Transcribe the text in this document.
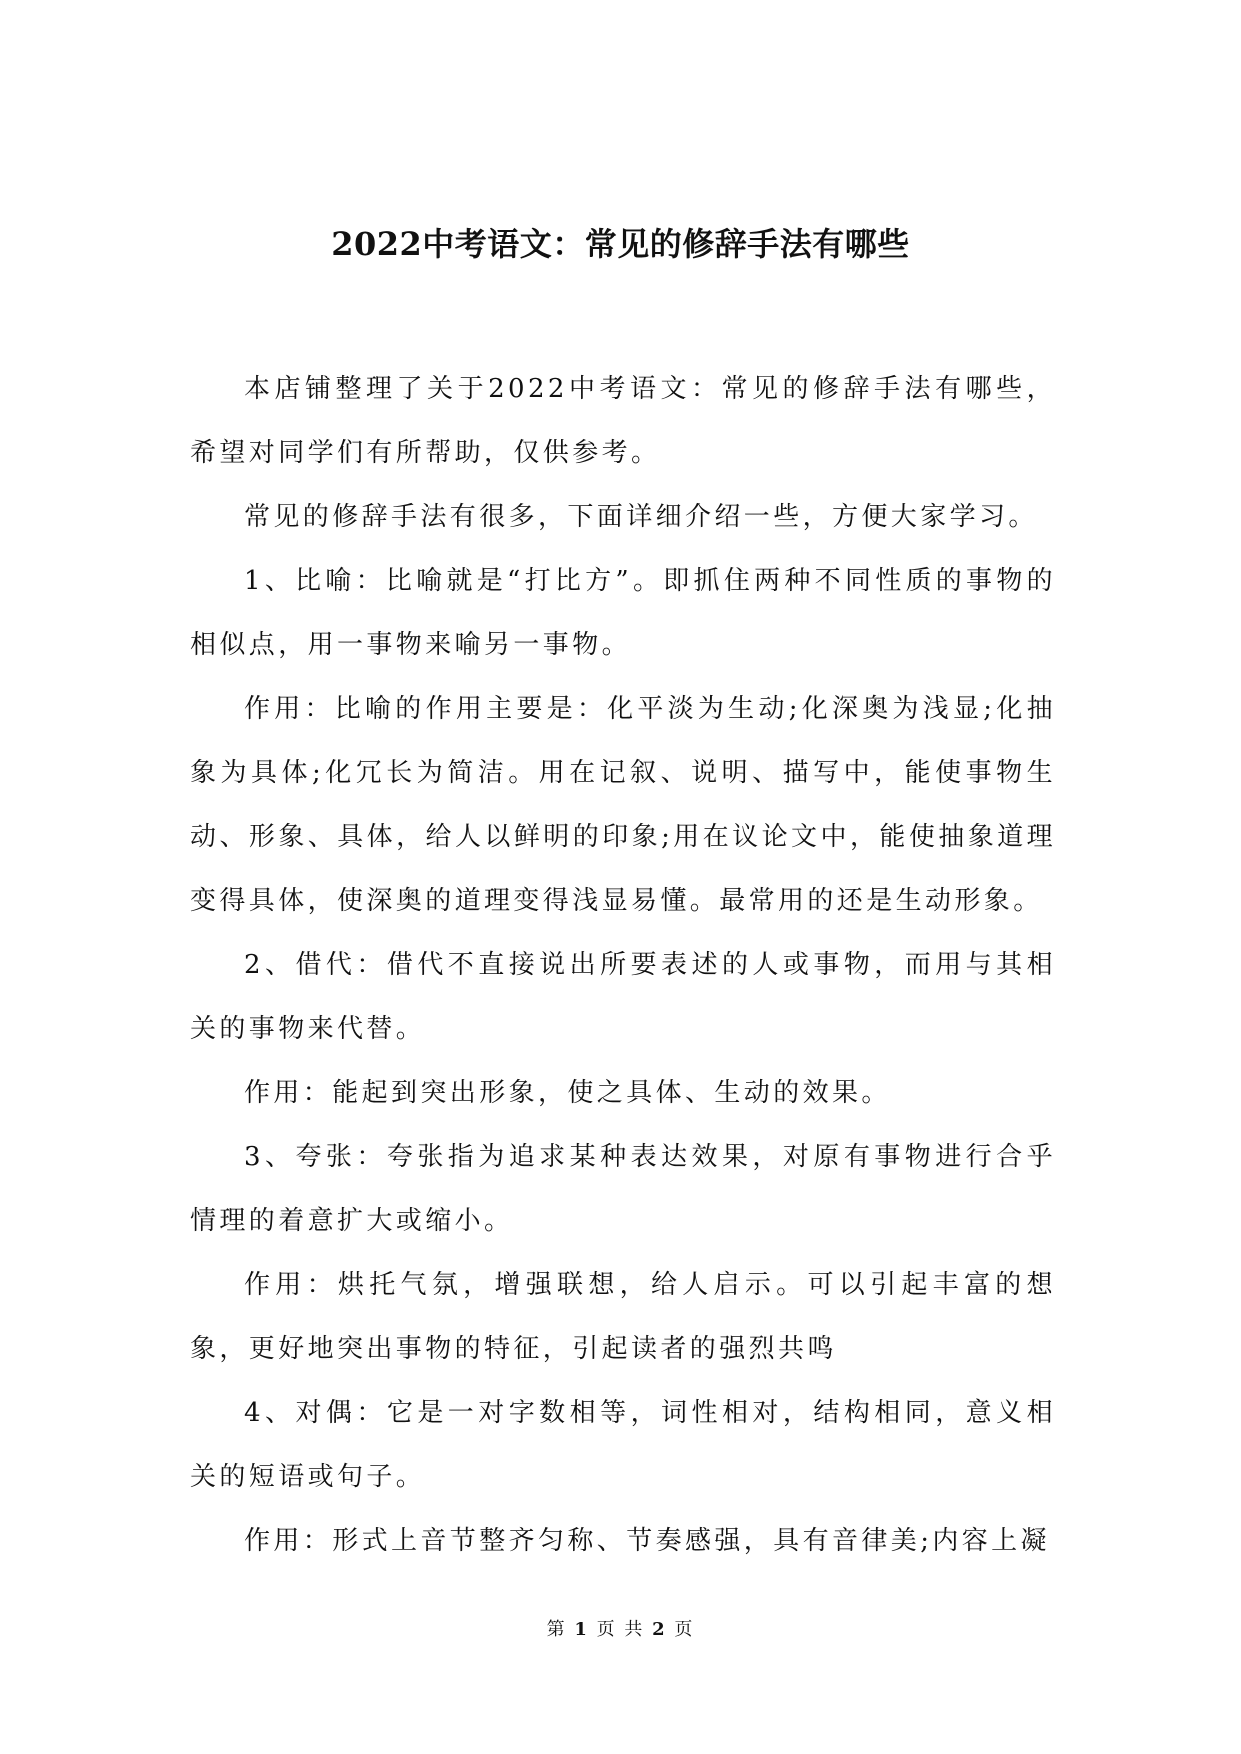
2022中考语文：常见的修辞手法有哪些

本店铺整理了关于2022中考语文：常见的修辞手法有哪些，希望对同学们有所帮助，仅供参考。

常见的修辞手法有很多，下面详细介绍一些，方便大家学习。

1、比喻：比喻就是“打比方”。即抓住两种不同性质的事物的相似点，用一事物来喻另一事物。

作用：比喻的作用主要是：化平淡为生动;化深奥为浅显;化抽象为具体;化冗长为简洁。用在记叙、说明、描写中，能使事物生动、形象、具体，给人以鲜明的印象;用在议论文中，能使抽象道理变得具体，使深奥的道理变得浅显易懂。最常用的还是生动形象。

2、借代：借代不直接说出所要表述的人或事物，而用与其相关的事物来代替。

作用：能起到突出形象，使之具体、生动的效果。

3、夸张：夸张指为追求某种表达效果，对原有事物进行合乎情理的着意扩大或缩小。

作用：烘托气氛，增强联想，给人启示。可以引起丰富的想象，更好地突出事物的特征，引起读者的强烈共鸣

4、对偶：它是一对字数相等，词性相对，结构相同，意义相关的短语或句子。

作用：形式上音节整齐匀称、节奏感强，具有音律美;内容上凝

第 1 页 共 2 页
